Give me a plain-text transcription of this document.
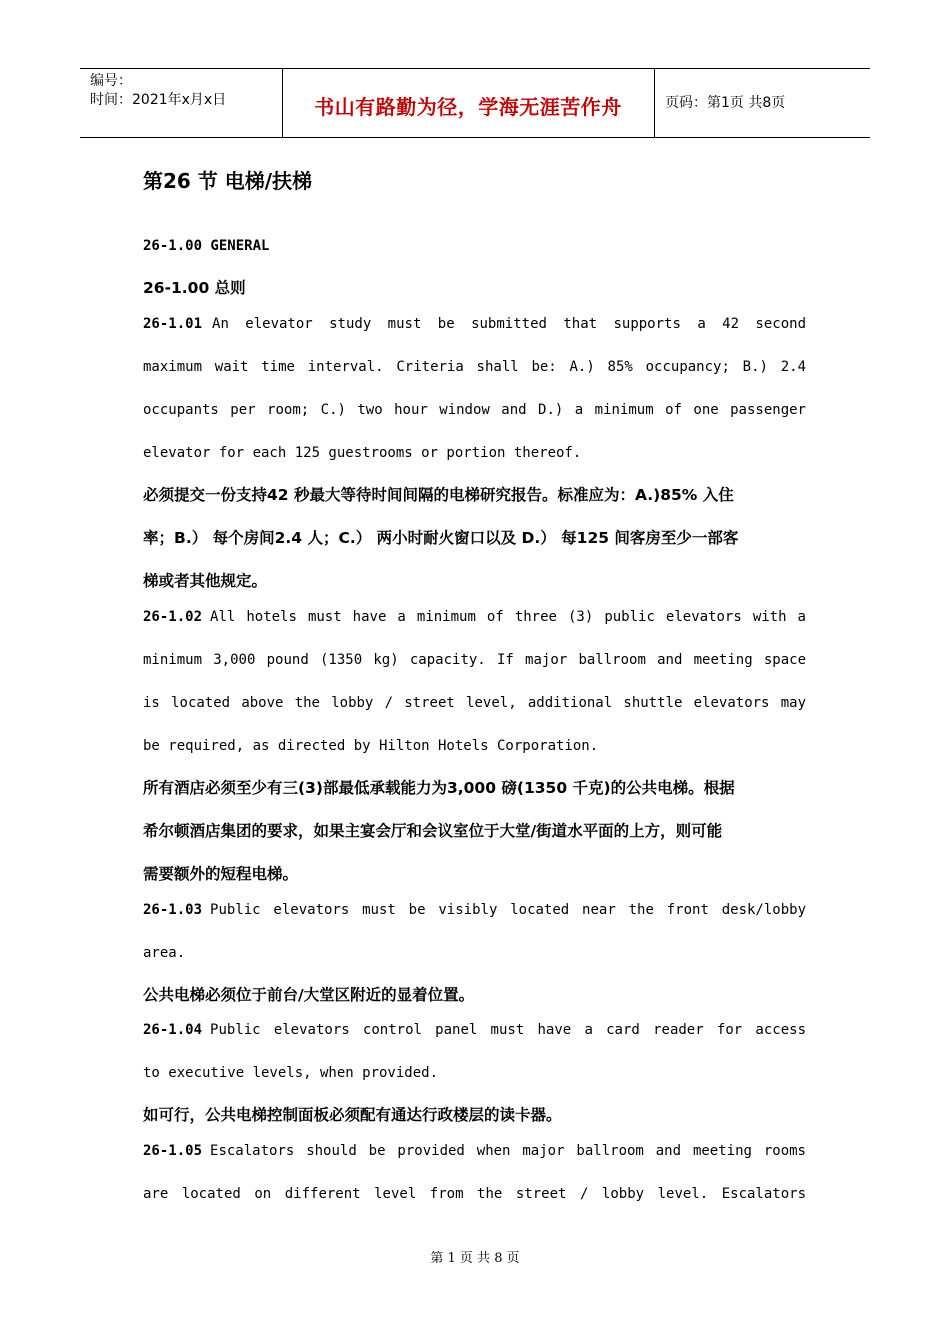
编号：
时间：2021年x月x日	书山有路勤为径，学海无涯苦作舟	页码：第1页 共8页
第26 节 电梯/扶梯
26-1.00 GENERAL
26-1.00 总则
26-1.01 An elevator study must be submitted that supports a 42 second
maximum wait time interval. Criteria shall be: A.) 85% occupancy; B.) 2.4
occupants per room; C.) two hour window and D.) a minimum of one passenger
elevator for each 125 guestrooms or portion thereof.
必须提交一份支持42 秒最大等待时间间隔的电梯研究报告。标准应为：A.)85% 入住
率；B.） 每个房间2.4 人；C.） 两小时耐火窗口以及 D.） 每125 间客房至少一部客
梯或者其他规定。
26-1.02 All hotels must have a minimum of three (3) public elevators with a
minimum 3,000 pound (1350 kg) capacity. If major ballroom and meeting space
is located above the lobby / street level, additional shuttle elevators may
be required, as directed by Hilton Hotels Corporation.
所有酒店必须至少有三(3)部最低承载能力为3,000 磅(1350 千克)的公共电梯。根据
希尔顿酒店集团的要求，如果主宴会厅和会议室位于大堂/街道水平面的上方，则可能
需要额外的短程电梯。
26-1.03 Public elevators must be visibly located near the front desk/lobby
area.
公共电梯必须位于前台/大堂区附近的显着位置。
26-1.04 Public elevators control panel must have a card reader for access
to executive levels, when provided.
如可行，公共电梯控制面板必须配有通达行政楼层的读卡器。
26-1.05 Escalators should be provided when major ballroom and meeting rooms
are located on different level from the street / lobby level. Escalators
第 1 页 共 8 页
